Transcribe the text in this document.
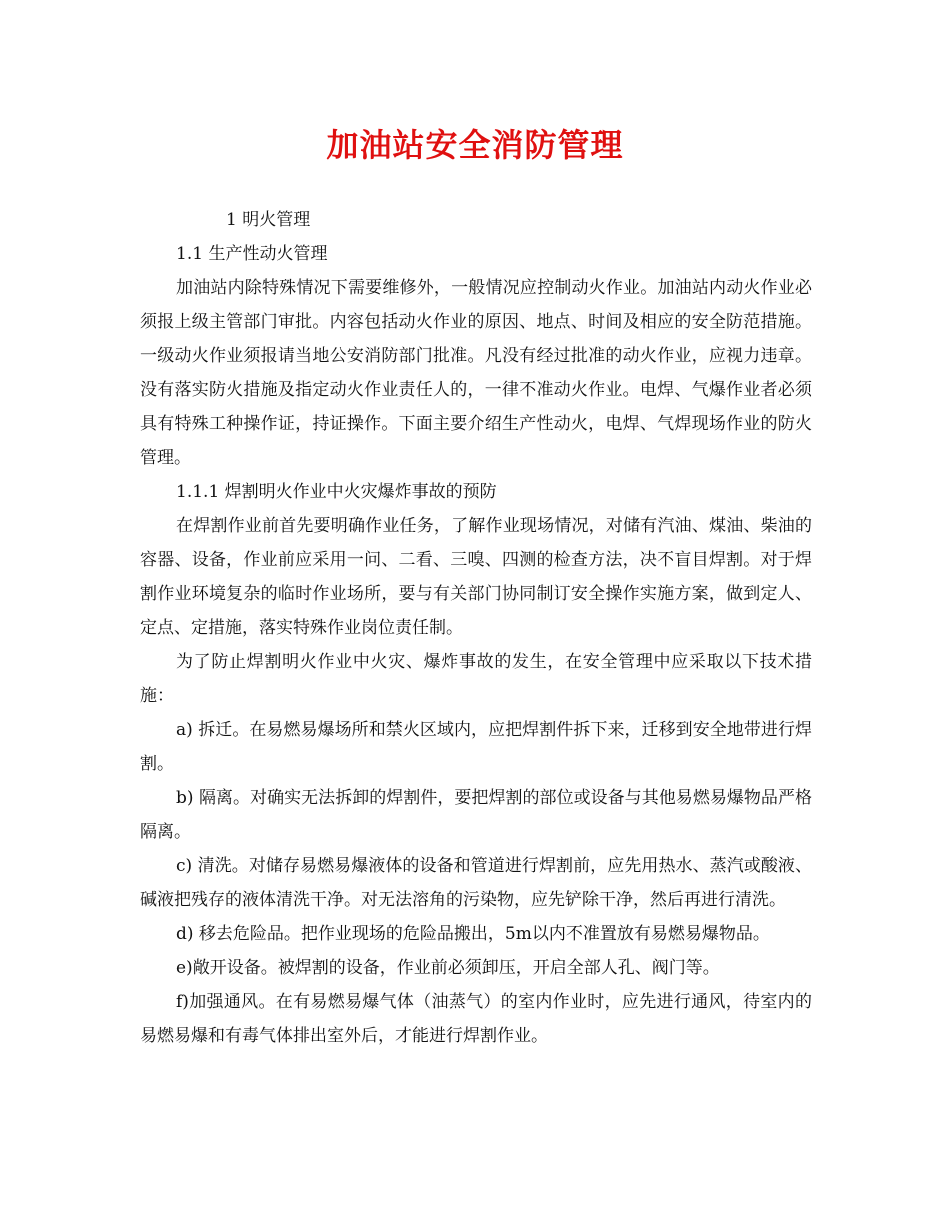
加油站安全消防管理

1 明火管理

1.1 生产性动火管理

加油站内除特殊情况下需要维修外，一般情况应控制动火作业。加油站内动火作业必须报上级主管部门审批。内容包括动火作业的原因、地点、时间及相应的安全防范措施。一级动火作业须报请当地公安消防部门批准。凡没有经过批准的动火作业，应视力违章。没有落实防火措施及指定动火作业责任人的，一律不准动火作业。电焊、气爆作业者必须具有特殊工种操作证，持证操作。下面主要介绍生产性动火，电焊、气焊现场作业的防火管理。

1.1.1 焊割明火作业中火灾爆炸事故的预防

在焊割作业前首先要明确作业任务，了解作业现场情况，对储有汽油、煤油、柴油的容器、设备，作业前应采用一问、二看、三嗅、四测的检查方法，决不盲目焊割。对于焊割作业环境复杂的临时作业场所，要与有关部门协同制订安全操作实施方案，做到定人、定点、定措施，落实特殊作业岗位责任制。

为了防止焊割明火作业中火灾、爆炸事故的发生，在安全管理中应采取以下技术措施：

a) 拆迁。在易燃易爆场所和禁火区域内，应把焊割件拆下来，迁移到安全地带进行焊割。

b) 隔离。对确实无法拆卸的焊割件，要把焊割的部位或设备与其他易燃易爆物品严格隔离。

c) 清洗。对储存易燃易爆液体的设备和管道进行焊割前，应先用热水、蒸汽或酸液、碱液把残存的液体清洗干净。对无法溶角的污染物，应先铲除干净，然后再进行清洗。

d) 移去危险品。把作业现场的危险品搬出，5m以内不准置放有易燃易爆物品。

e)敞开设备。被焊割的设备，作业前必须卸压，开启全部人孔、阀门等。

f)加强通风。在有易燃易爆气体（油蒸气）的室内作业时，应先进行通风，待室内的易燃易爆和有毒气体排出室外后，才能进行焊割作业。
